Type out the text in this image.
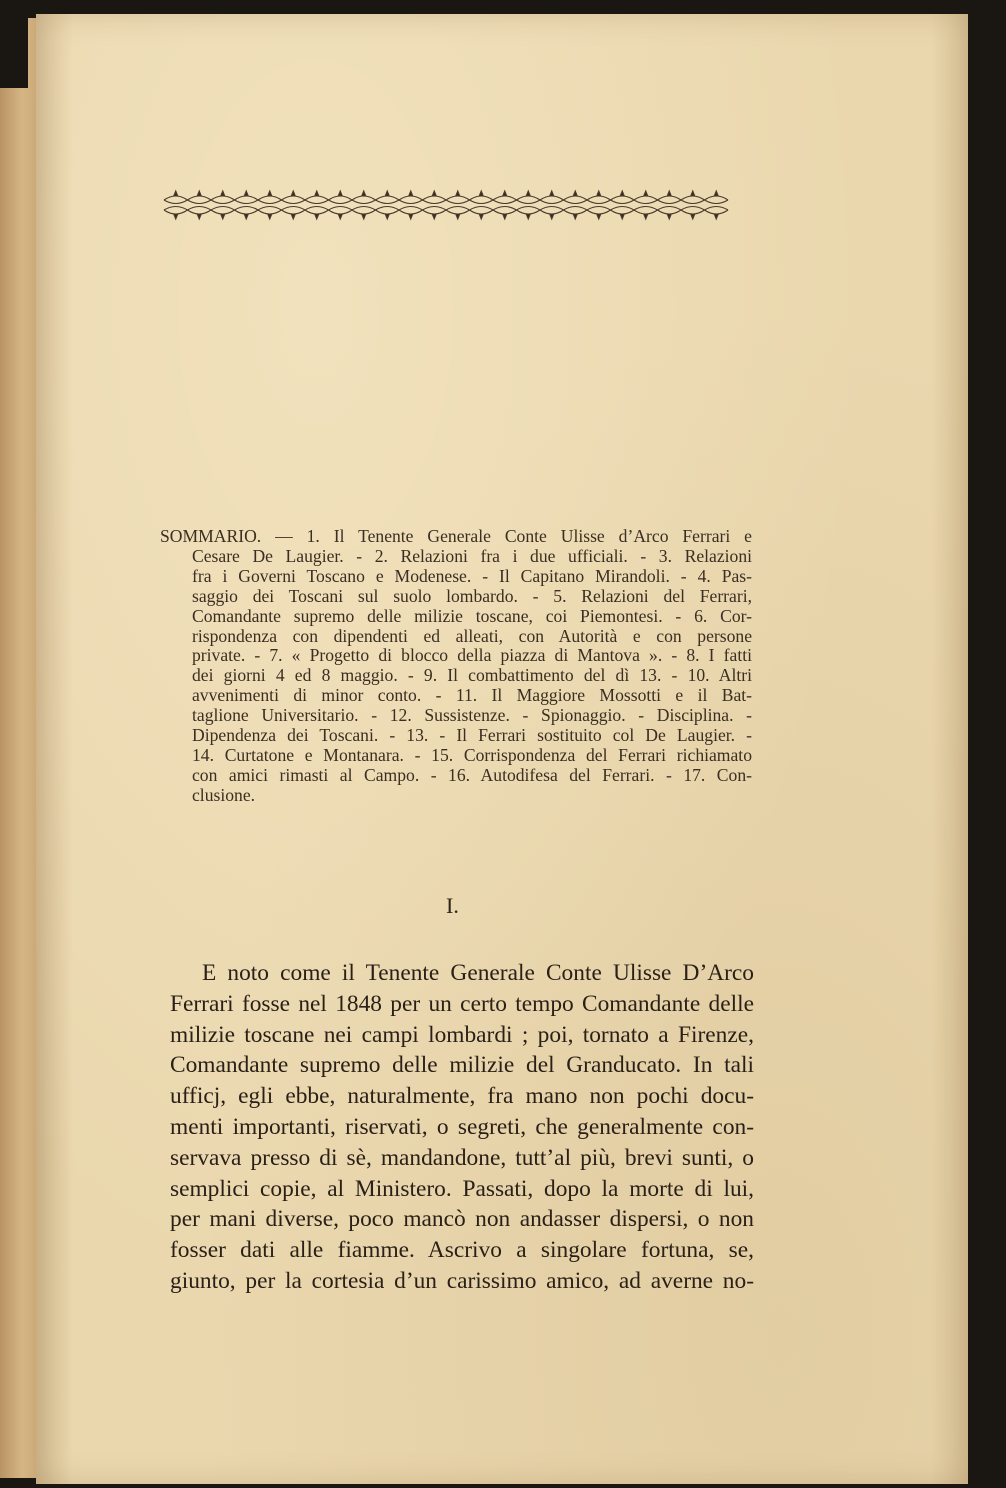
SOMMARIO. — 1. Il Tenente Generale Conte Ulisse d’Arco Ferrari e
Cesare De Laugier. - 2. Relazioni fra i due ufficiali. - 3. Relazioni
fra i Governi Toscano e Modenese. - Il Capitano Mirandoli. - 4. Pas-
saggio dei Toscani sul suolo lombardo. - 5. Relazioni del Ferrari,
Comandante supremo delle milizie toscane, coi Piemontesi. - 6. Cor-
rispondenza con dipendenti ed alleati, con Autorità e con persone
private. - 7. « Progetto di blocco della piazza di Mantova ». - 8. I fatti
dei giorni 4 ed 8 maggio. - 9. Il combattimento del dì 13. - 10. Altri
avvenimenti di minor conto. - 11. Il Maggiore Mossotti e il Bat-
taglione Universitario. - 12. Sussistenze. - Spionaggio. - Disciplina. -
Dipendenza dei Toscani. - 13. - Il Ferrari sostituito col De Laugier. -
14. Curtatone e Montanara. - 15. Corrispondenza del Ferrari richiamato
con amici rimasti al Campo. - 16. Autodifesa del Ferrari. - 17. Con-
clusione.
I.
E noto come il Tenente Generale Conte Ulisse D’Arco
Ferrari fosse nel 1848 per un certo tempo Comandante delle
milizie toscane nei campi lombardi ; poi, tornato a Firenze,
Comandante supremo delle milizie del Granducato. In tali
ufficj, egli ebbe, naturalmente, fra mano non pochi docu-
menti importanti, riservati, o segreti, che generalmente con-
servava presso di sè, mandandone, tutt’al più, brevi sunti, o
semplici copie, al Ministero. Passati, dopo la morte di lui,
per mani diverse, poco mancò non andasser dispersi, o non
fosser dati alle fiamme. Ascrivo a singolare fortuna, se,
giunto, per la cortesia d’un carissimo amico, ad averne no-
